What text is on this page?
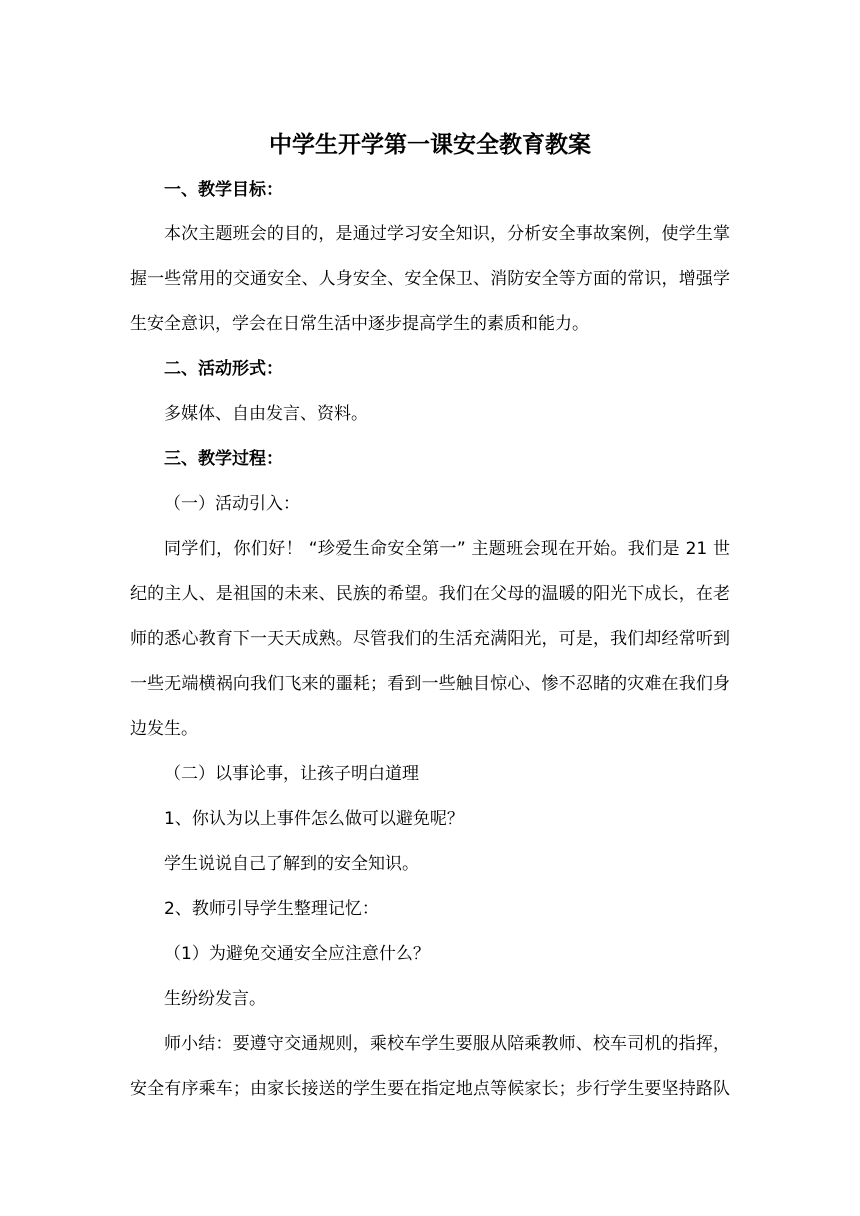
中学生开学第一课安全教育教案
一、教学目标：
本次主题班会的目的，是通过学习安全知识，分析安全事故案例，使学生掌
握一些常用的交通安全、人身安全、安全保卫、消防安全等方面的常识，增强学
生安全意识，学会在日常生活中逐步提高学生的素质和能力。
二、活动形式：
多媒体、自由发言、资料。
三、教学过程：
（一）活动引入：
同学们，你们好！ “珍爱生命安全第一” 主题班会现在开始。我们是 21 世
纪的主人、是祖国的未来、民族的希望。我们在父母的温暖的阳光下成长，在老
师的悉心教育下一天天成熟。尽管我们的生活充满阳光，可是，我们却经常听到
一些无端横祸向我们飞来的噩耗；看到一些触目惊心、惨不忍睹的灾难在我们身
边发生。
（二）以事论事，让孩子明白道理
1、你认为以上事件怎么做可以避免呢？
学生说说自己了解到的安全知识。
2、教师引导学生整理记忆：
（1）为避免交通安全应注意什么？
生纷纷发言。
师小结：要遵守交通规则，乘校车学生要服从陪乘教师、校车司机的指挥，
安全有序乘车；由家长接送的学生要在指定地点等候家长；步行学生要坚持路队
